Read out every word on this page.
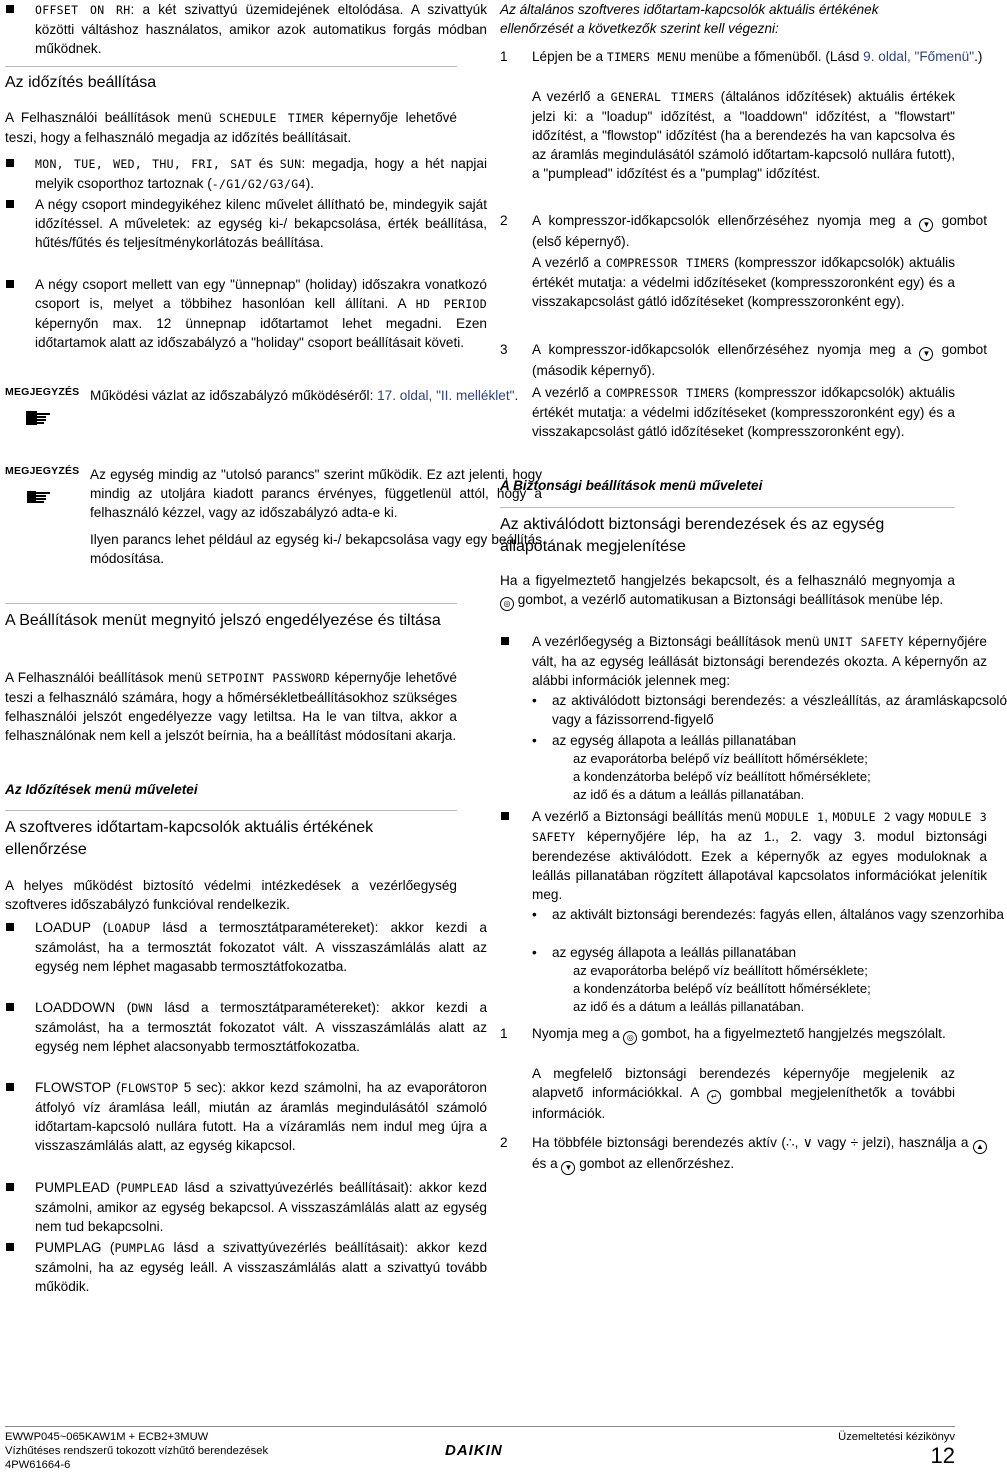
OFFSET ON RH: a két szivattyú üzemidejének eltolódása. A szivattyúk közötti váltáshoz használatos, amikor azok automatikus forgás módban működnek.

Az időzítés beállítása

A Felhasználói beállítások menü SCHEDULE TIMER képernyője lehetővé teszi, hogy a felhasználó megadja az időzítés beállításait.

MON, TUE, WED, THU, FRI, SAT és SUN: megadja, hogy a hét napjai melyik csoporthoz tartoznak (-/G1/G2/G3/G4).

A négy csoport mindegyikéhez kilenc művelet állítható be, mindegyik saját időzítéssel. A műveletek: az egység ki-/ bekapcsolása, érték beállítása, hűtés/fűtés és teljesítménykorlátozás beállítása.

A négy csoport mellett van egy "ünnepnap" (holiday) időszakra vonatkozó csoport is, melyet a többihez hasonlóan kell állítani. A HD PERIOD képernyőn max. 12 ünnepnap időtartamot lehet megadni. Ezen időtartamok alatt az időszabályzó a "holiday" csoport beállításait követi.

MEGJEGYZÉS Működési vázlat az időszabályzó működéséről: 17. oldal, "II. melléklet".

MEGJEGYZÉS Az egység mindig az "utolsó parancs" szerint működik. Ez azt jelenti, hogy mindig az utoljára kiadott parancs érvényes, függetlenül attól, hogy a felhasználó kézzel, vagy az időszabályzó adta-e ki.

Ilyen parancs lehet például az egység ki-/ bekapcsolása vagy egy beállítás módosítása.

A Beállítások menüt megnyitó jelszó engedélyezése és tiltása

A Felhasználói beállítások menü SETPOINT PASSWORD képernyője lehetővé teszi a felhasználó számára, hogy a hőmérsékletbeállításokhoz szükséges felhasználói jelszót engedélyezze vagy letiltsa. Ha le van tiltva, akkor a felhasználónak nem kell a jelszót beírnia, ha a beállítást módosítani akarja.

Az Időzítések menü műveletei

A szoftveres időtartam-kapcsolók aktuális értékének ellenőrzése

A helyes működést biztosító védelmi intézkedések a vezérlőegység szoftveres időszabályzó funkcióval rendelkezik.

LOADUP (LOADUP lásd a termosztátparamétereket): akkor kezdi a számolást, ha a termosztát fokozatot vált. A visszaszámlálás alatt az egység nem léphet magasabb termosztátfokozatba.

LOADDOWN (DWN lásd a termosztátparamétereket): akkor kezdi a számolást, ha a termosztát fokozatot vált. A visszaszámlálás alatt az egység nem léphet alacsonyabb termosztátfokozatba.

FLOWSTOP (FLOWSTOP 5 sec): akkor kezd számolni, ha az evaporátoron átfolyó víz áramlása leáll, miután az áramlás megindulásától számoló időtartam-kapcsoló nullára futott. Ha a vízáramlás nem indul meg újra a visszaszámlálás alatt, az egység kikapcsol.

PUMPLEAD (PUMPLEAD lásd a szivattyúvezérlés beállításait): akkor kezd számolni, amikor az egység bekapcsol. A visszaszámlálás alatt az egység nem tud bekapcsolni.

PUMPLAG (PUMPLAG lásd a szivattyúvezérlés beállításait): akkor kezd számolni, ha az egység leáll. A visszaszámlálás alatt a szivattyú tovább működik.

Az általános szoftveres időtartam-kapcsolók aktuális értékének ellenőrzését a következők szerint kell végezni:

1 Lépjen be a TIMERS MENU menübe a főmenüből. (Lásd 9. oldal, "Főmenü".)

A vezérlő a GENERAL TIMERS (általános időzítések) aktuális értékek jelzi ki: a "loadup" időzítést, a "loaddown" időzítést, a "flowstart" időzítést, a "flowstop" időzítést (ha a berendezés ha van kapcsolva és az áramlás megindulásától számoló időtartam-kapcsoló nullára futott), a "pumplead" időzítést és a "pumplag" időzítést.

2 A kompresszor-időkapcsolók ellenőrzéséhez nyomja meg a ▼ gombot (első képernyő).

A vezérlő a COMPRESSOR TIMERS (kompresszor időkapcsolók) aktuális értékét mutatja: a védelmi időzítéseket (kompresszoronként egy) és a visszakapcsolást gátló időzítéseket (kompresszoronként egy).

3 A kompresszor-időkapcsolók ellenőrzéséhez nyomja meg a ▼ gombot (második képernyő).

A vezérlő a COMPRESSOR TIMERS (kompresszor időkapcsolók) aktuális értékét mutatja: a védelmi időzítéseket (kompresszoronként egy) és a visszakapcsolást gátló időzítéseket (kompresszoronként egy).

A Biztonsági beállítások menü műveletei

Az aktiválódott biztonsági berendezések és az egység állapotának megjelenítése

Ha a figyelmeztető hangjelzés bekapcsolt, és a felhasználó megnyomja a ◎ gombot, a vezérlő automatikusan a Biztonsági beállítások menübe lép.

A vezérlőegység a Biztonsági beállítások menü UNIT SAFETY képernyőjére vált, ha az egység leállását biztonsági berendezés okozta. A képernyőn az alábbi információk jelennek meg:

• az aktiválódott biztonsági berendezés: a vészleállítás, az áramláskapcsoló vagy a fázissorrend-figyelő

• az egység állapota a leállás pillanatában

az evaporátorba belépő víz beállított hőmérséklete;

a kondenzátorba belépő víz beállított hőmérséklete;

az idő és a dátum a leállás pillanatában.

A vezérlő a Biztonsági beállítás menü MODULE 1, MODULE 2 vagy MODULE 3 SAFETY képernyőjére lép, ha az 1., 2. vagy 3. modul biztonsági berendezése aktiválódott. Ezek a képernyők az egyes moduloknak a leállás pillanatában rögzített állapotával kapcsolatos információkat jelenítik meg.

• az aktivált biztonsági berendezés: fagyás ellen, általános vagy szenzorhiba

• az egység állapota a leállás pillanatában

az evaporátorba belépő víz beállított hőmérséklete;

a kondenzátorba belépő víz beállított hőmérséklete;

az idő és a dátum a leállás pillanatában.

1 Nyomja meg a ◎ gombot, ha a figyelmeztető hangjelzés megszólalt.

A megfelelő biztonsági berendezés képernyője megjelenik az alapvető információkkal. A ↵ gombbal megjeleníthetők a további információk.

2 Ha többféle biztonsági berendezés aktív (∴, ∨ vagy ÷ jelzi), használja a ▲ és a ▼ gombot az ellenőrzéshez.

EWWP045~065KAW1M + ECB2+3MUW
Vízhűtéses rendszerű tokozott vízhűtő berendezések
4PW61664-6
DAIKIN
Üzemeltetési kézikönyv
12
